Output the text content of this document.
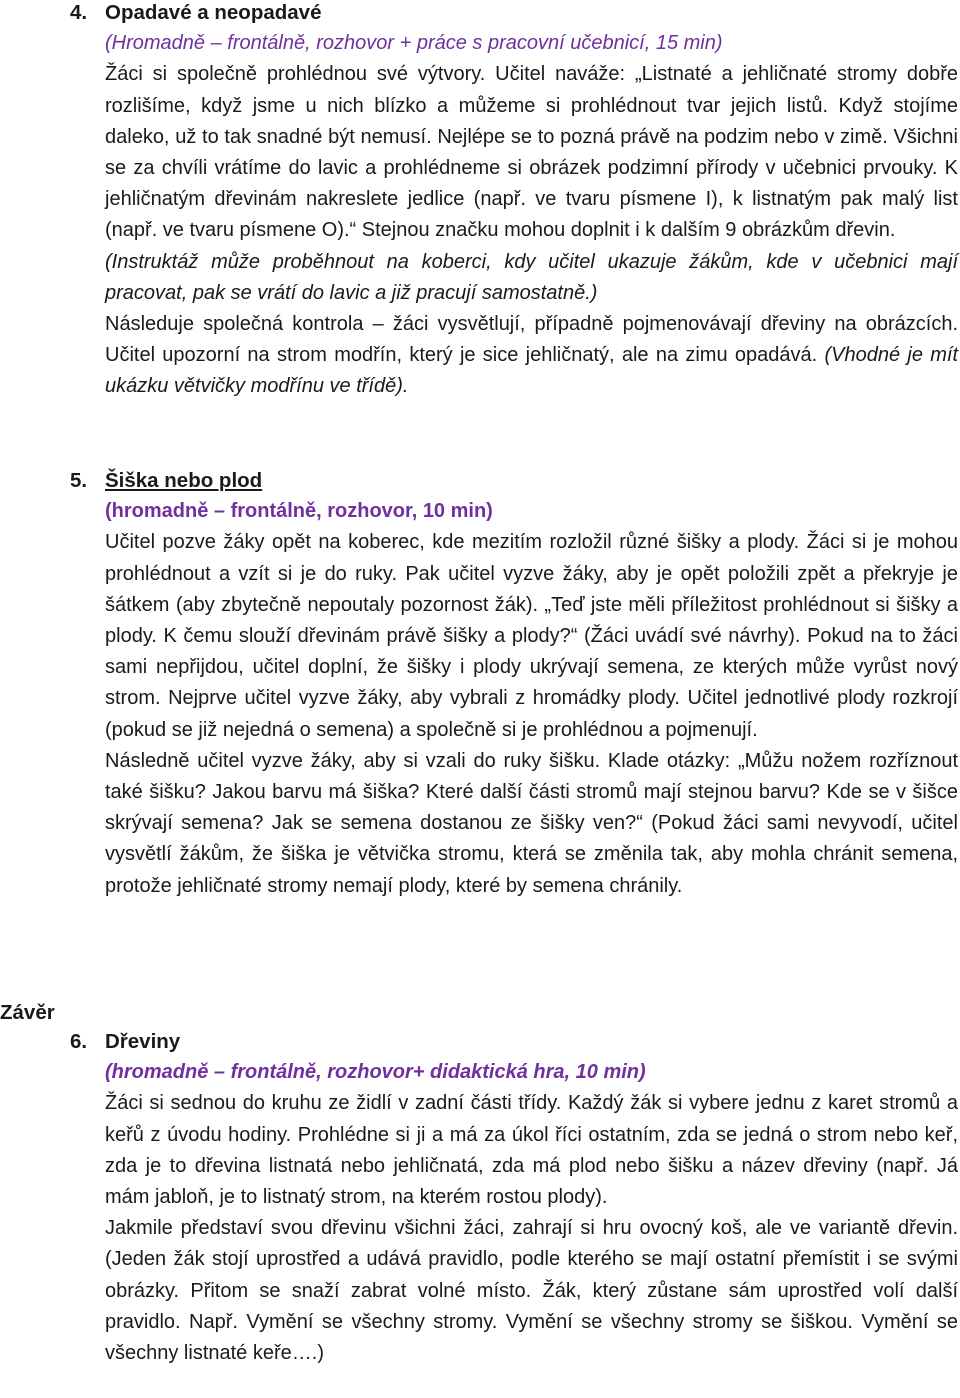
4. Opadavé a neopadavé
(Hromadně – frontálně, rozhovor + práce s pracovní učebnicí, 15 min)
Žáci si společně prohlédnou své výtvory. Učitel naváže: „Listnaté a jehličnaté stromy dobře rozlišíme, když jsme u nich blízko a můžeme si prohlédnout tvar jejich listů. Když stojíme daleko, už to tak snadné být nemusí. Nejlépe se to pozná právě na podzim nebo v zimě. Všichni se za chvíli vrátíme do lavic a prohlédneme si obrázek podzimní přírody v učebnici prvouky. K jehličnatým dřevinám nakreslete jedlice (např. ve tvaru písmene I), k listnatým pak malý list (např. ve tvaru písmene O).“ Stejnou značku mohou doplnit i k dalším 9 obrázkům dřevin.
(Instruktáž může proběhnout na koberci, kdy učitel ukazuje žákům, kde v učebnici mají pracovat, pak se vrátí do lavic a již pracují samostatně.)
Následuje společná kontrola – žáci vysvětlují, případně pojmenovávají dřeviny na obrázcích. Učitel upozorní na strom modřín, který je sice jehličnatý, ale na zimu opadává. (Vhodné je mít ukázku větvičky modřínu ve třídě).
5. Šiška nebo plod
(hromadně – frontálně, rozhovor, 10 min)
Učitel pozve žáky opět na koberec, kde mezitím rozložil různé šišky a plody. Žáci si je mohou prohlédnout a vzít si je do ruky. Pak učitel vyzve žáky, aby je opět položili zpět a překryje je šátkem (aby zbytečně nepoutaly pozornost žák). „Teď jste měli příležitost prohlédnout si šišky a plody. K čemu slouží dřevinám právě šišky a plody?“ (Žáci uvádí své návrhy). Pokud na to žáci sami nepřijdou, učitel doplní, že šišky i plody ukrývají semena, ze kterých může vyrůst nový strom. Nejprve učitel vyzve žáky, aby vybrali z hromádky plody. Učitel jednotlivé plody rozkrojí (pokud se již nejedná o semena) a společně si je prohlédnou a pojmenují.
Následně učitel vyzve žáky, aby si vzali do ruky šišku. Klade otázky: „Můžu nožem rozříznout také šišku? Jakou barvu má šiška? Které další části stromů mají stejnou barvu? Kde se v šišce skrývají semena? Jak se semena dostanou ze šišky ven?“ (Pokud žáci sami nevyvodí, učitel vysvětlí žákům, že šiška je větvička stromu, která se změnila tak, aby mohla chránit semena, protože jehličnaté stromy nemají plody, které by semena chránily.
Závěr
6. Dřeviny
(hromadně – frontálně, rozhovor+ didaktická hra, 10 min)
Žáci si sednou do kruhu ze židlí v zadní části třídy. Každý žák si vybere jednu z karet stromů a keřů z úvodu hodiny. Prohlédne si ji a má za úkol říci ostatním, zda se jedná o strom nebo keř, zda je to dřevina listnatá nebo jehličnatá, zda má plod nebo šišku a název dřeviny (např. Já mám jabloň, je to listnatý strom, na kterém rostou plody).
Jakmile představí svou dřevinu všichni žáci, zahrají si hru ovocný koš, ale ve variantě dřevin. (Jeden žák stojí uprostřed a udává pravidlo, podle kterého se mají ostatní přemístit i se svými obrázky. Přitom se snaží zabrat volné místo. Žák, který zůstane sám uprostřed volí další pravidlo. Např. Vymění se všechny stromy. Vymění se všechny stromy se šiškou. Vymění se všechny listnaté keře….)
